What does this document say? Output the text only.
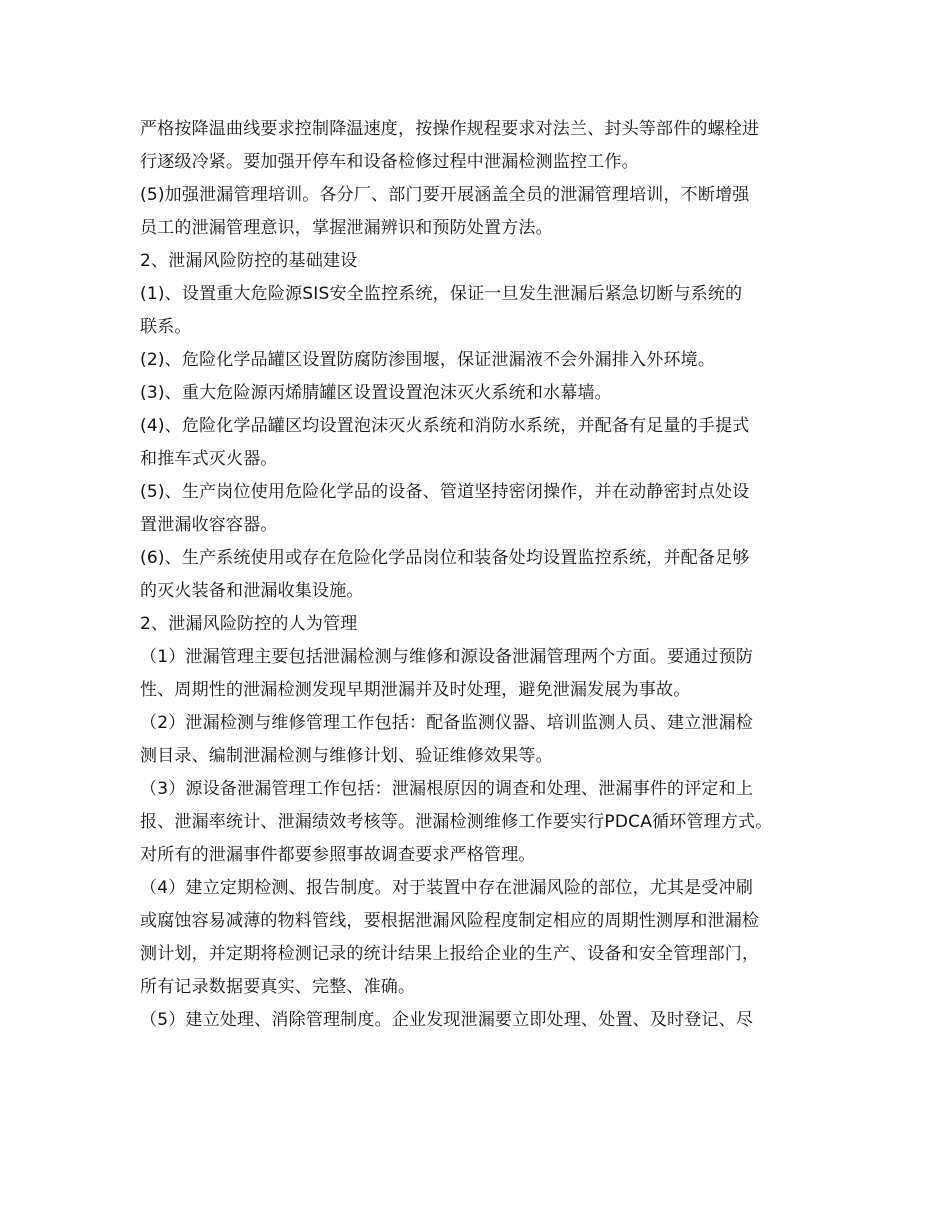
严格按降温曲线要求控制降温速度，按操作规程要求对法兰、封头等部件的螺栓进
行逐级冷紧。要加强开停车和设备检修过程中泄漏检测监控工作。
(5)加强泄漏管理培训。各分厂、部门要开展涵盖全员的泄漏管理培训，不断增强
员工的泄漏管理意识，掌握泄漏辨识和预防处置方法。
2、泄漏风险防控的基础建设
(1)、设置重大危险源SIS安全监控系统，保证一旦发生泄漏后紧急切断与系统的
联系。
(2)、危险化学品罐区设置防腐防渗围堰，保证泄漏液不会外漏排入外环境。
(3)、重大危险源丙烯腈罐区设置设置泡沫灭火系统和水幕墙。
(4)、危险化学品罐区均设置泡沫灭火系统和消防水系统，并配备有足量的手提式
和推车式灭火器。
(5)、生产岗位使用危险化学品的设备、管道坚持密闭操作，并在动静密封点处设
置泄漏收容容器。
(6)、生产系统使用或存在危险化学品岗位和装备处均设置监控系统，并配备足够
的灭火装备和泄漏收集设施。
2、泄漏风险防控的人为管理
（1）泄漏管理主要包括泄漏检测与维修和源设备泄漏管理两个方面。要通过预防
性、周期性的泄漏检测发现早期泄漏并及时处理，避免泄漏发展为事故。
（2）泄漏检测与维修管理工作包括：配备监测仪器、培训监测人员、建立泄漏检
测目录、编制泄漏检测与维修计划、验证维修效果等。
（3）源设备泄漏管理工作包括：泄漏根原因的调查和处理、泄漏事件的评定和上
报、泄漏率统计、泄漏绩效考核等。泄漏检测维修工作要实行PDCA循环管理方式。
对所有的泄漏事件都要参照事故调查要求严格管理。
（4）建立定期检测、报告制度。对于装置中存在泄漏风险的部位，尤其是受冲刷
或腐蚀容易减薄的物料管线，要根据泄漏风险程度制定相应的周期性测厚和泄漏检
测计划，并定期将检测记录的统计结果上报给企业的生产、设备和安全管理部门，
所有记录数据要真实、完整、准确。
（5）建立处理、消除管理制度。企业发现泄漏要立即处理、处置、及时登记、尽
